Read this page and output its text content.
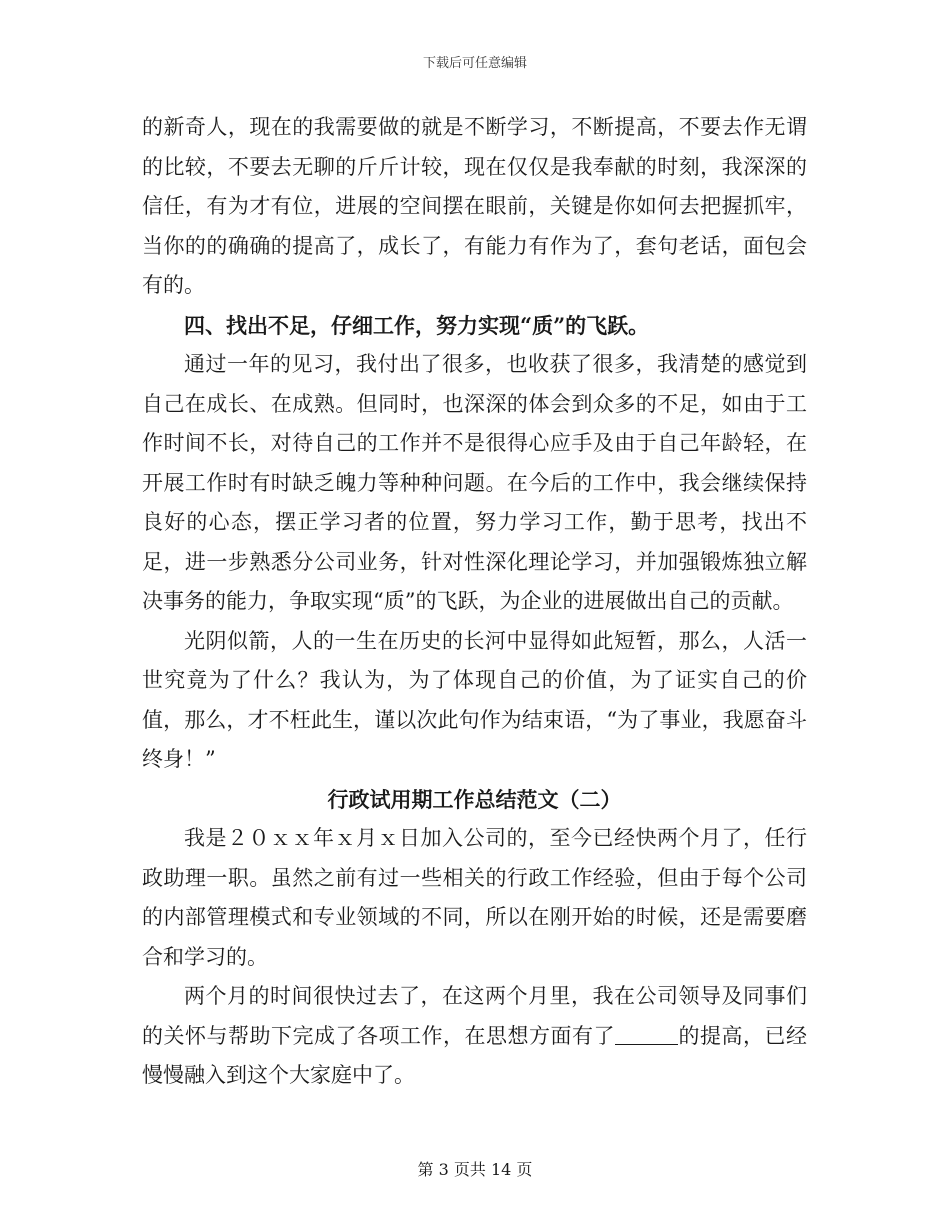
下载后可任意编辑

的新奇人，现在的我需要做的就是不断学习，不断提高，不要去作无谓的比较，不要去无聊的斤斤计较，现在仅仅是我奉献的时刻，我深深的信任，有为才有位，进展的空间摆在眼前，关键是你如何去把握抓牢，当你的的确确的提高了，成长了，有能力有作为了，套句老话，面包会有的。

四、找出不足，仔细工作，努力实现“质”的飞跃。

通过一年的见习，我付出了很多，也收获了很多，我清楚的感觉到自己在成长、在成熟。但同时，也深深的体会到众多的不足，如由于工作时间不长，对待自己的工作并不是很得心应手及由于自己年龄轻，在开展工作时有时缺乏魄力等种种问题。在今后的工作中，我会继续保持良好的心态，摆正学习者的位置，努力学习工作，勤于思考，找出不足，进一步熟悉分公司业务，针对性深化理论学习，并加强锻炼独立解决事务的能力，争取实现“质”的飞跃，为企业的进展做出自己的贡献。

光阴似箭，人的一生在历史的长河中显得如此短暂，那么，人活一世究竟为了什么？我认为，为了体现自己的价值，为了证实自己的价值，那么，才不枉此生，谨以次此句作为结束语，“为了事业，我愿奋斗终身！”

行政试用期工作总结范文（二）

我是２０ｘｘ年ｘ月ｘ日加入公司的，至今已经快两个月了，任行政助理一职。虽然之前有过一些相关的行政工作经验，但由于每个公司的内部管理模式和专业领域的不同，所以在刚开始的时候，还是需要磨合和学习的。

两个月的时间很快过去了，在这两个月里，我在公司领导及同事们的关怀与帮助下完成了各项工作，在思想方面有了	的提高，已经慢慢融入到这个大家庭中了。

第 3 页共 14 页
